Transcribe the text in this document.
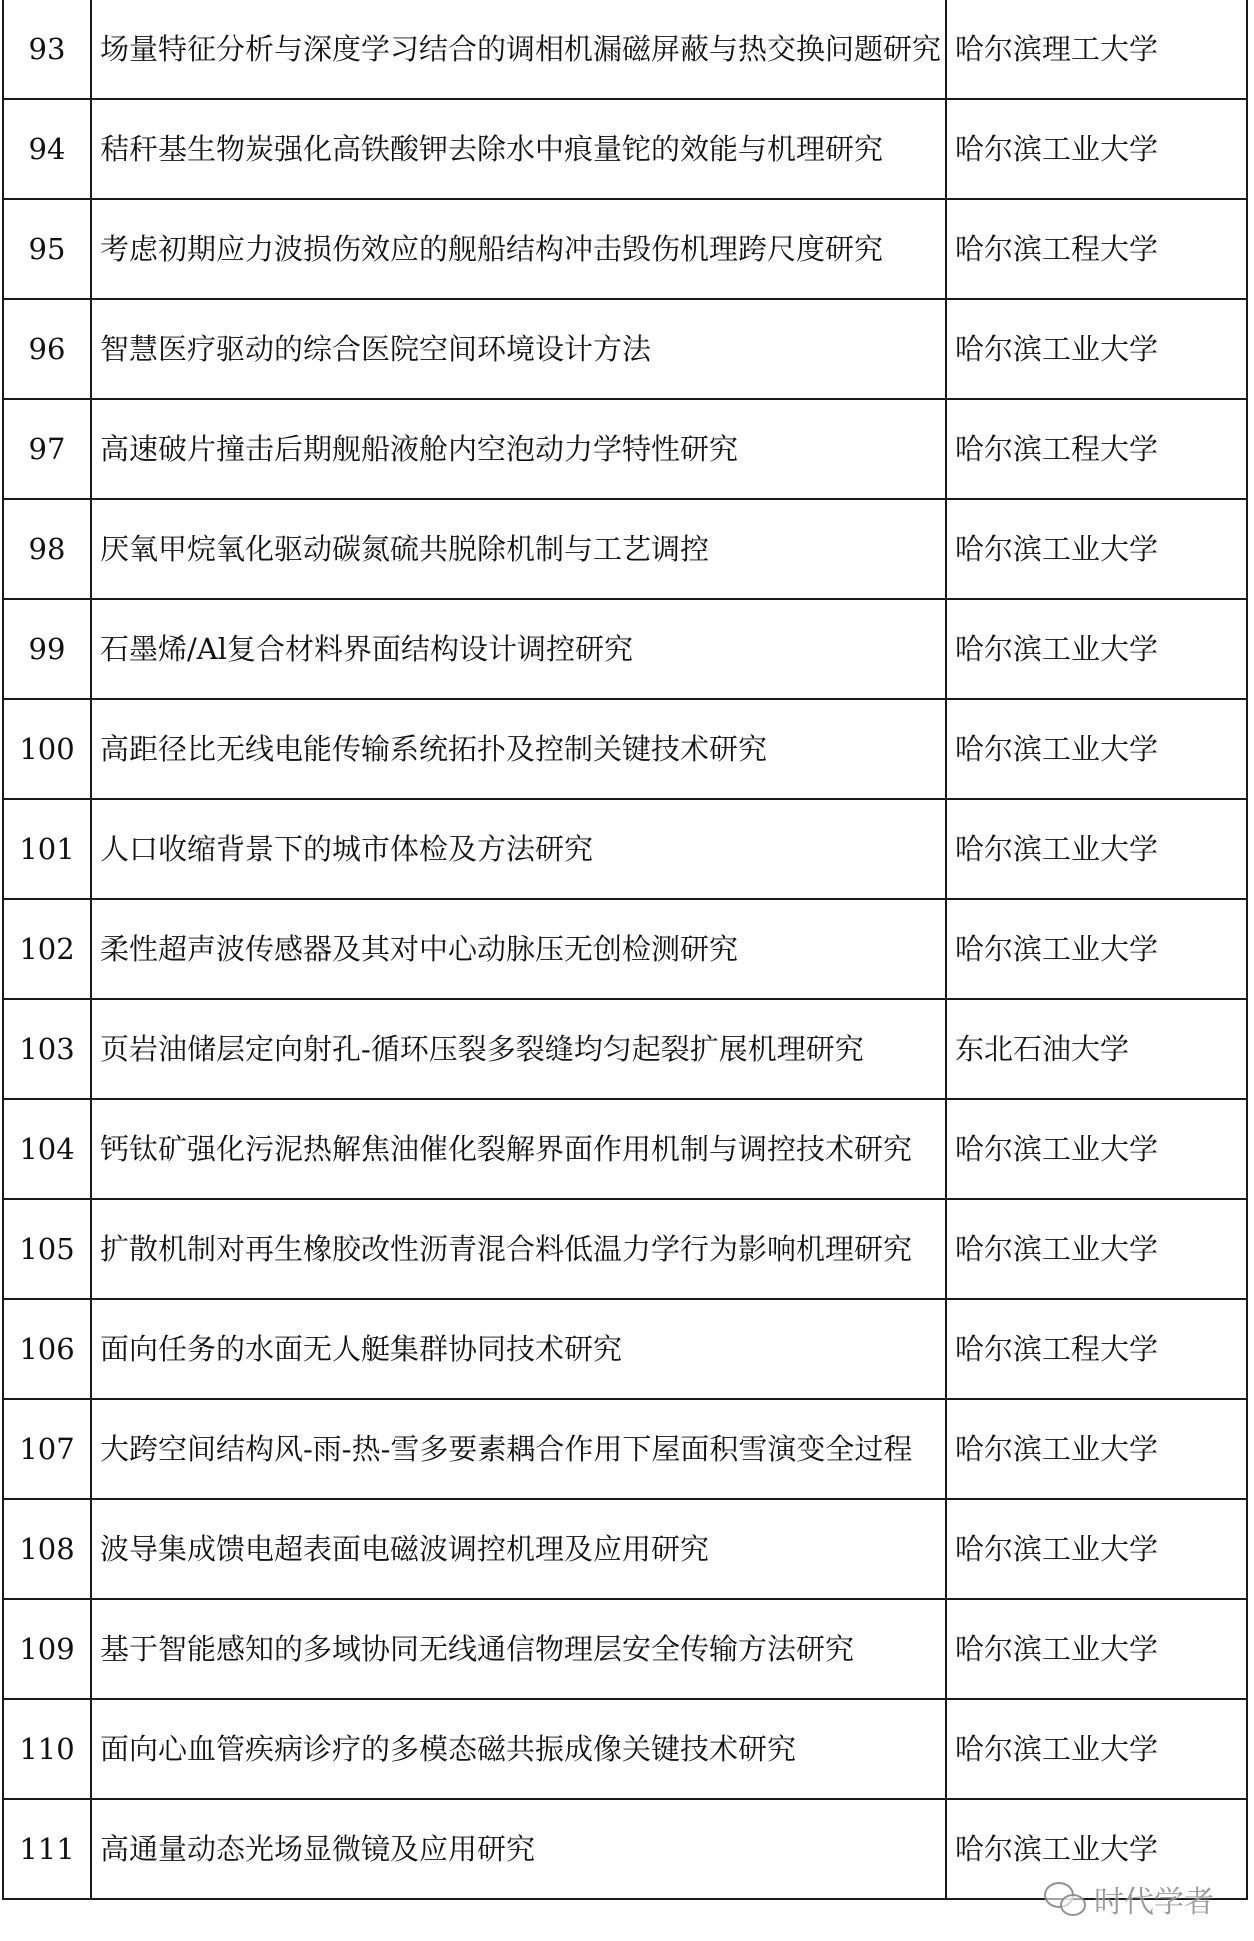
93	场量特征分析与深度学习结合的调相机漏磁屏蔽与热交换问题研究	哈尔滨理工大学
94	秸秆基生物炭强化高铁酸钾去除水中痕量铊的效能与机理研究	哈尔滨工业大学
95	考虑初期应力波损伤效应的舰船结构冲击毁伤机理跨尺度研究	哈尔滨工程大学
96	智慧医疗驱动的综合医院空间环境设计方法	哈尔滨工业大学
97	高速破片撞击后期舰船液舱内空泡动力学特性研究	哈尔滨工程大学
98	厌氧甲烷氧化驱动碳氮硫共脱除机制与工艺调控	哈尔滨工业大学
99	石墨烯/Al复合材料界面结构设计调控研究	哈尔滨工业大学
100	高距径比无线电能传输系统拓扑及控制关键技术研究	哈尔滨工业大学
101	人口收缩背景下的城市体检及方法研究	哈尔滨工业大学
102	柔性超声波传感器及其对中心动脉压无创检测研究	哈尔滨工业大学
103	页岩油储层定向射孔-循环压裂多裂缝均匀起裂扩展机理研究	东北石油大学
104	钙钛矿强化污泥热解焦油催化裂解界面作用机制与调控技术研究	哈尔滨工业大学
105	扩散机制对再生橡胶改性沥青混合料低温力学行为影响机理研究	哈尔滨工业大学
106	面向任务的水面无人艇集群协同技术研究	哈尔滨工程大学
107	大跨空间结构风-雨-热-雪多要素耦合作用下屋面积雪演变全过程	哈尔滨工业大学
108	波导集成馈电超表面电磁波调控机理及应用研究	哈尔滨工业大学
109	基于智能感知的多域协同无线通信物理层安全传输方法研究	哈尔滨工业大学
110	面向心血管疾病诊疗的多模态磁共振成像关键技术研究	哈尔滨工业大学
111	高通量动态光场显微镜及应用研究	哈尔滨工业大学
时代学者
